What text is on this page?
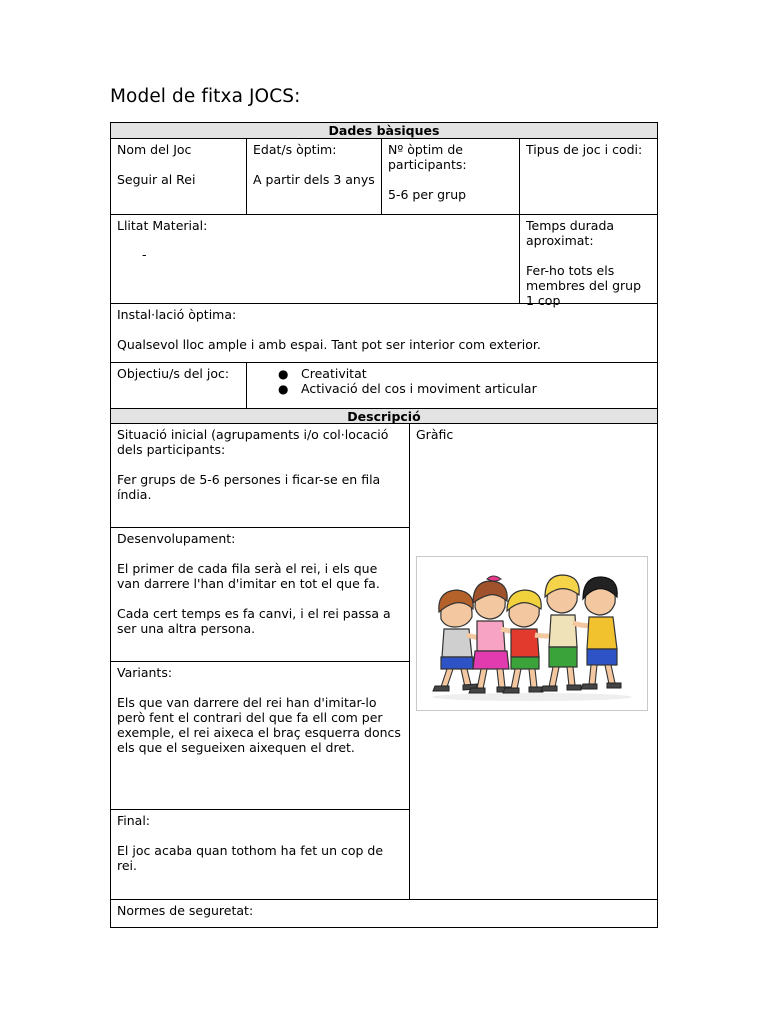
Model de fitxa JOCS:
Dades bàsiques
Nom del Joc
Seguir al Rei
Edat/s òptim:
A partir dels 3 anys
Nº òptim de participants:
5-6 per grup
Tipus de joc i codi:
Llitat Material:
-
Temps durada aproximat:
Fer-ho tots els membres del grup 1 cop
Instal·lació òptima:
Qualsevol lloc ample i amb espai. Tant pot ser interior com exterior.
Objectiu/s del joc:	● Creativitat
● Activació del cos i moviment articular
Descripció
Situació inicial (agrupaments i/o col·locació dels participants:
Fer grups de 5-6 persones i ficar-se en fila índia.
Desenvolupament:
El primer de cada fila serà el rei, i els que van darrere l'han d'imitar en tot el que fa.
Cada cert temps es fa canvi, i el rei passa a ser una altra persona.
Variants:
Els que van darrere del rei han d'imitar-lo però fent el contrari del que fa ell com per exemple, el rei aixeca el braç esquerra doncs els que el segueixen aixequen el dret.
Final:
El joc acaba quan tothom ha fet un cop de rei.
Gràfic
Normes de seguretat:
